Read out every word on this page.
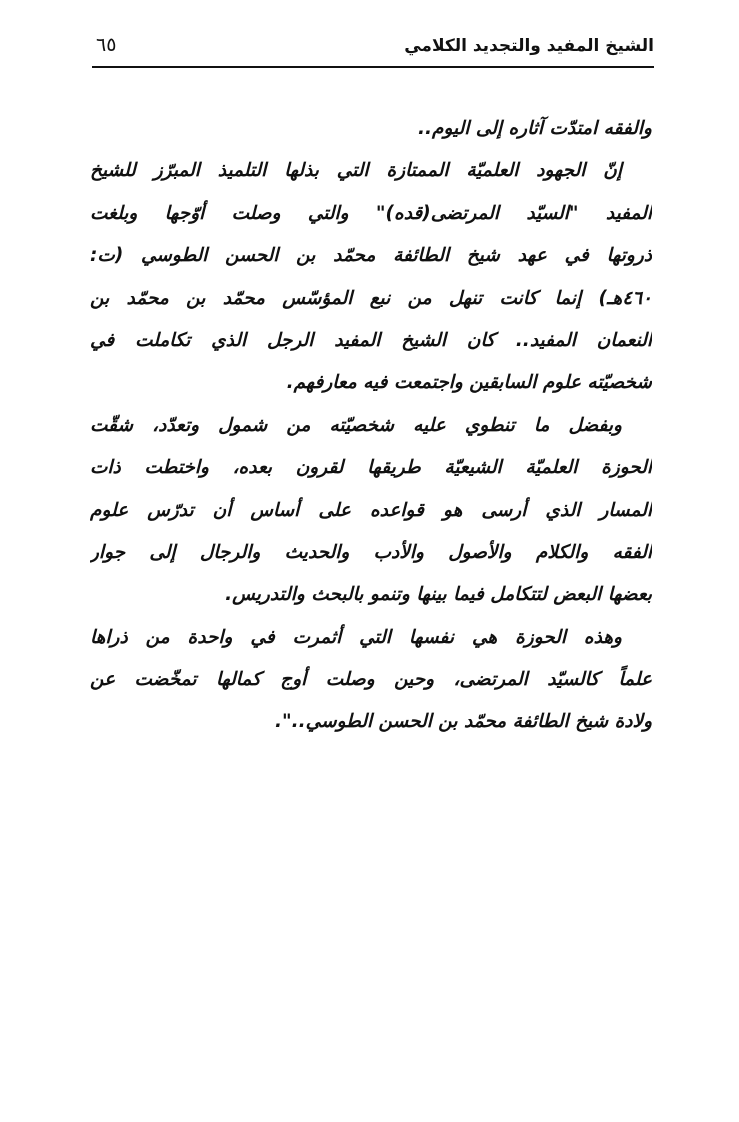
٦٥	الشيخ المفيد والتجديد الكلامي
والفقه امتدّت آثاره إلى اليوم..
إنّ الجهود العلميّة الممتازة التي بذلها التلميذ المبرّز للشيخ
المفيد "السيّد المرتضى(قده)" والتي وصلت أوّجها وبلغت
ذروتها في عهد شيخ الطائفة محمّد بن الحسن الطوسي (ت:
٤٦٠هـ) إنما كانت تنهل من نبع المؤسّس محمّد بن محمّد بن
النعمان المفيد.. كان الشيخ المفيد الرجل الذي تكاملت في
شخصيّته علوم السابقين واجتمعت فيه معارفهم.
وبفضل ما تنطوي عليه شخصيّته من شمول وتعدّد، شقّت
الحوزة العلميّة الشيعيّة طريقها لقرون بعده، واختطت ذات
المسار الذي أرسى هو قواعده على أساس أن تدرّس علوم
الفقه والكلام والأصول والأدب والحديث والرجال إلى جوار
بعضها البعض لتتكامل فيما بينها وتنمو بالبحث والتدريس.
وهذه الحوزة هي نفسها التي أثمرت في واحدة من ذراها
علماً كالسيّد المرتضى، وحين وصلت أوج كمالها تمخّضت عن
ولادة شيخ الطائفة محمّد بن الحسن الطوسي..".
